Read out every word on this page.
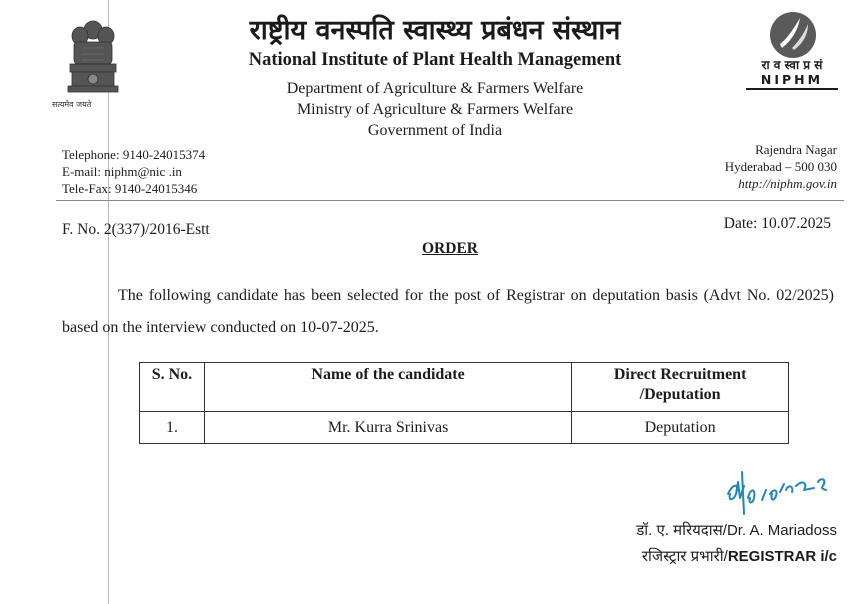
सत्यमेव जयते
राष्ट्रीय वनस्पति स्वास्थ्य प्रबंधन संस्थान
National Institute of Plant Health Management
Department of Agriculture & Farmers Welfare
Ministry of Agriculture & Farmers Welfare
Government of India
रा व स्वा प्र सं
NIPHM
Telephone: 9140-24015374
E-mail: niphm@nic .in
Tele-Fax: 9140-24015346
Rajendra Nagar
Hyderabad – 500 030
http://niphm.gov.in
F. No. 2(337)/2016-Estt	Date: 10.07.2025
ORDER
The following candidate has been selected for the post of Registrar on deputation basis (Advt No. 02/2025) based on the interview conducted on 10-07-2025.
S. No.	Name of the candidate	Direct Recruitment /Deputation
1.	Mr. Kurra Srinivas	Deputation
डॉ. ए. मरियदास/Dr. A. Mariadoss
रजिस्ट्रार प्रभारी/REGISTRAR i/c
